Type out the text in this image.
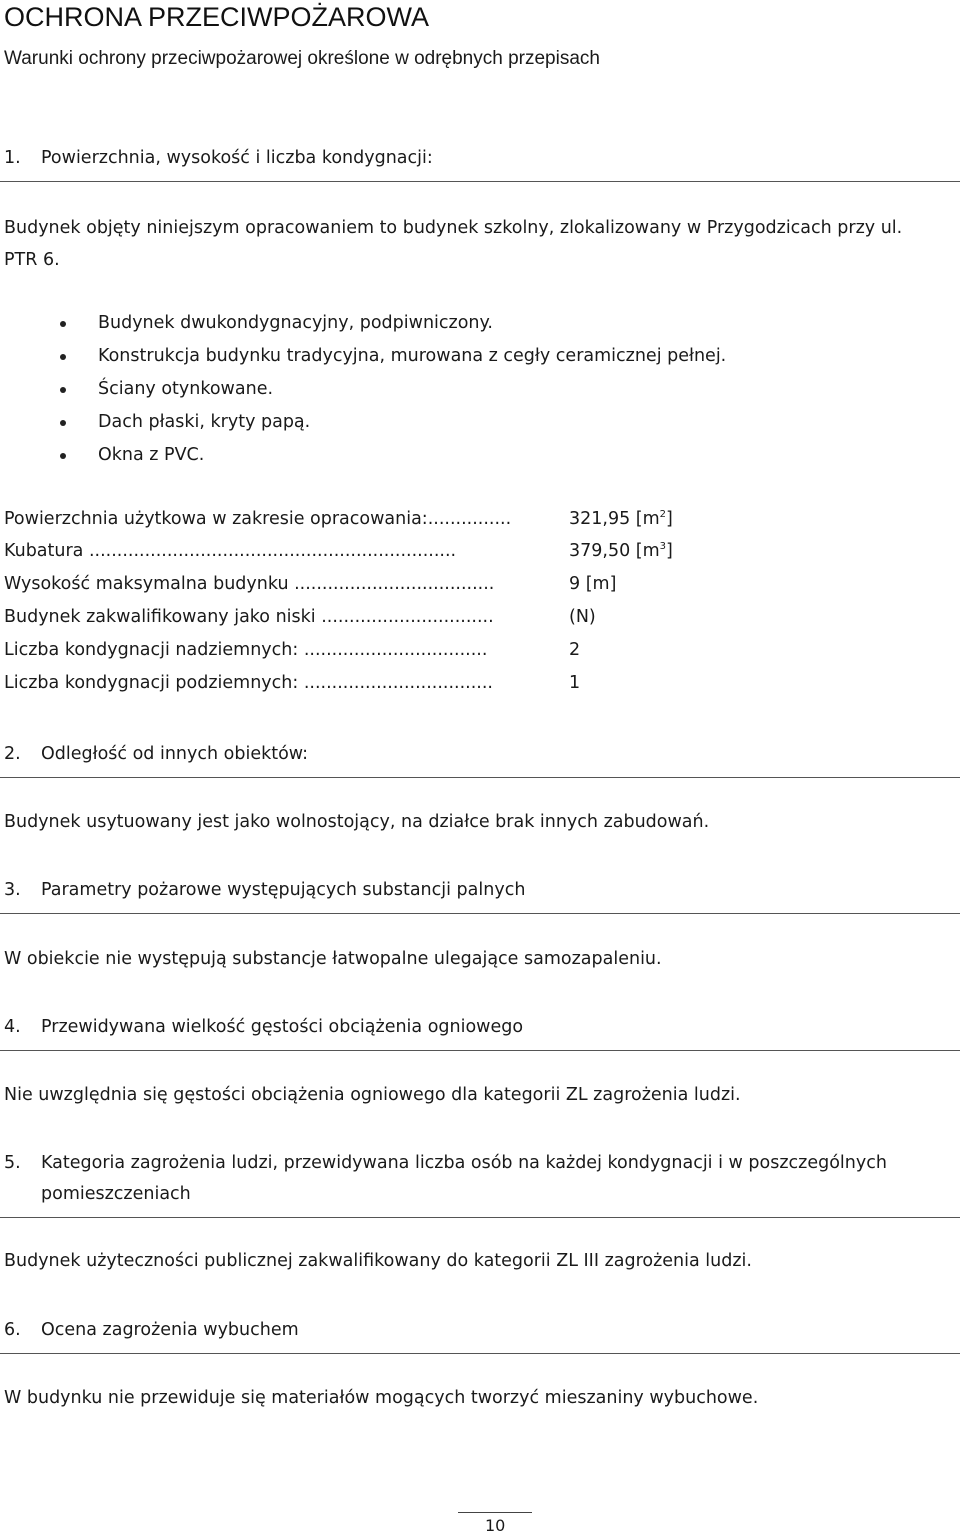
OCHRONA PRZECIWPOŻAROWA
Warunki ochrony przeciwpożarowej określone w odrębnych przepisach
1. Powierzchnia, wysokość i liczba kondygnacji:
Budynek objęty niniejszym opracowaniem to budynek szkolny, zlokalizowany w Przygodzicach przy ul.
PTR 6.
Budynek dwukondygnacyjny, podpiwniczony.
Konstrukcja budynku tradycyjna, murowana z cegły ceramicznej pełnej.
Ściany otynkowane.
Dach płaski, kryty papą.
Okna z PVC.
Powierzchnia użytkowa w zakresie opracowania:...............	321,95 $[m^2]$
Kubatura ..................................................................	379,50 $[m^3]$
Wysokość maksymalna budynku ....................................	9 [m]
Budynek zakwalifikowany jako niski ...............................	(N)
Liczba kondygnacji nadziemnych: .................................	2
Liczba kondygnacji podziemnych: ..................................	1
2. Odległość od innych obiektów:
Budynek usytuowany jest jako wolnostojący, na działce brak innych zabudowań.
3. Parametry pożarowe występujących substancji palnych
W obiekcie nie występują substancje łatwopalne ulegające samozapaleniu.
4. Przewidywana wielkość gęstości obciążenia ogniowego
Nie uwzględnia się gęstości obciążenia ogniowego dla kategorii ZL zagrożenia ludzi.
5. Kategoria zagrożenia ludzi, przewidywana liczba osób na każdej kondygnacji i w poszczególnych
pomieszczeniach
Budynek użyteczności publicznej zakwalifikowany do kategorii ZL III zagrożenia ludzi.
6. Ocena zagrożenia wybuchem
W budynku nie przewiduje się materiałów mogących tworzyć mieszaniny wybuchowe.
10
